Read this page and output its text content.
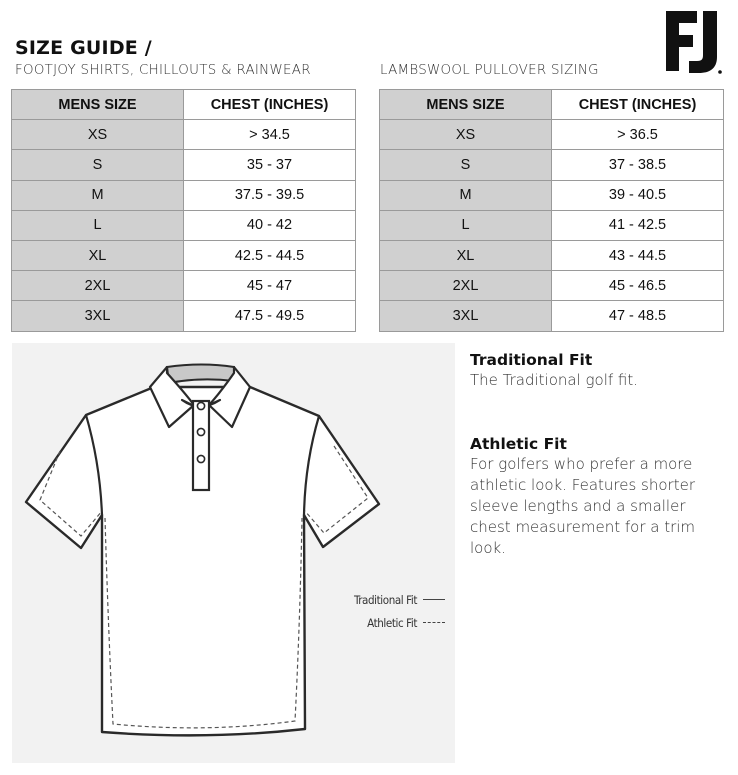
SIZE GUIDE /
FOOTJOY SHIRTS, CHILLOUTS & RAINWEAR	LAMBSWOOL PULLOVER SIZING
MENS SIZE	CHEST (INCHES)
XS	> 34.5
S	35 - 37
M	37.5 - 39.5
L	40 - 42
XL	42.5 - 44.5
2XL	45 - 47
3XL	47.5 - 49.5
MENS SIZE	CHEST (INCHES)
XS	> 36.5
S	37 - 38.5
M	39 - 40.5
L	41 - 42.5
XL	43 - 44.5
2XL	45 - 46.5
3XL	47 - 48.5
Traditional Fit
Athletic Fit
Traditional Fit
The Traditional golf fit.
Athletic Fit
For golfers who prefer a more athletic look. Features shorter sleeve lengths and a smaller chest measurement for a trim look.
